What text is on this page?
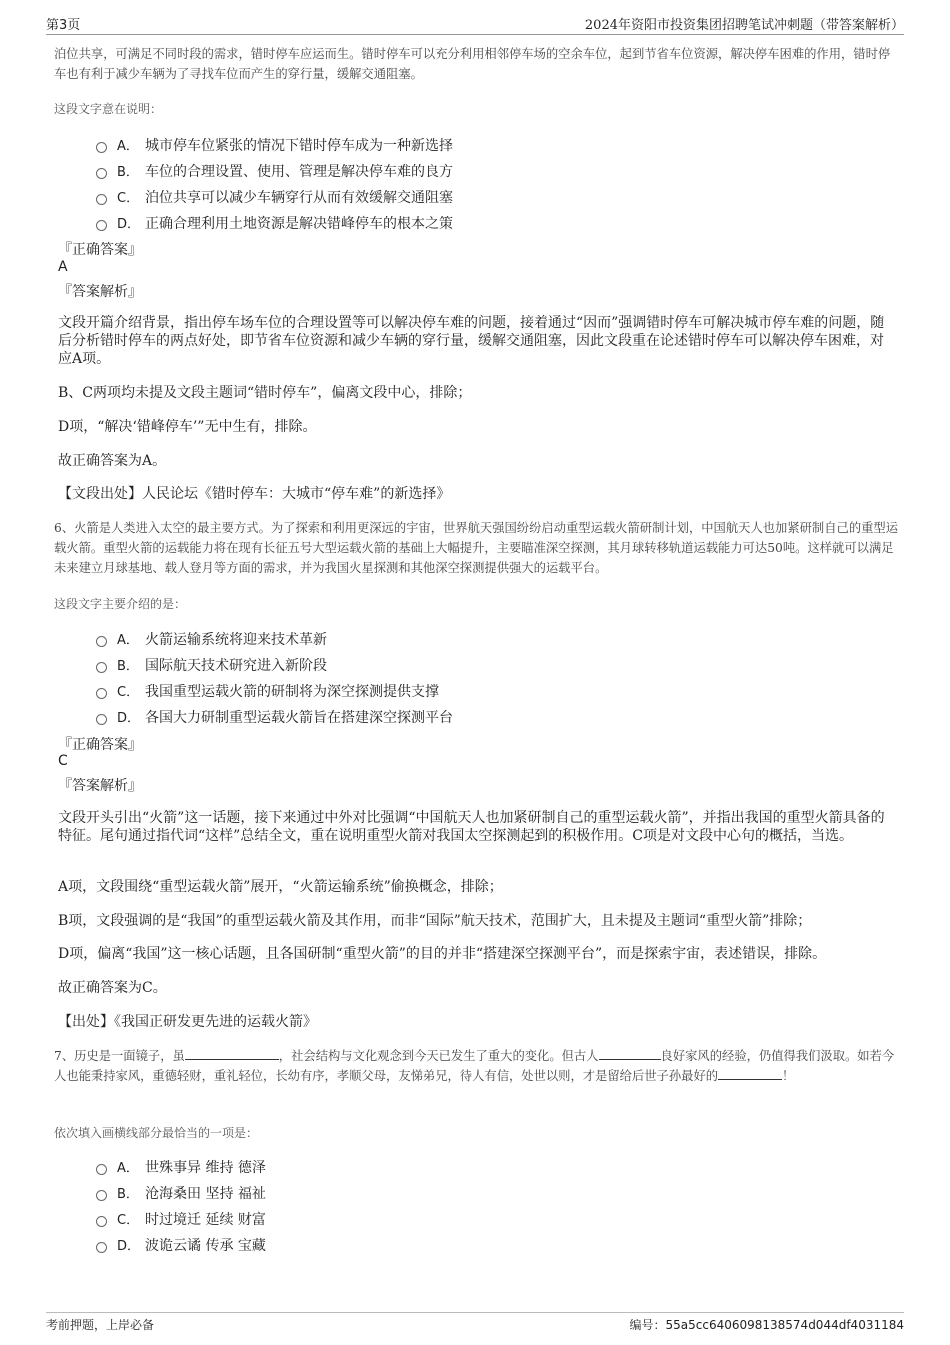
第3页	2024年资阳市投资集团招聘笔试冲刺题（带答案解析）
泊位共享，可满足不同时段的需求，错时停车应运而生。错时停车可以充分利用相邻停车场的空余车位，起到节省车位资源，解决停车困难的作用，错时停车也有利于减少车辆为了寻找车位而产生的穿行量，缓解交通阻塞。
这段文字意在说明：
A． 城市停车位紧张的情况下错时停车成为一种新选择
B． 车位的合理设置、使用、管理是解决停车难的良方
C． 泊位共享可以减少车辆穿行从而有效缓解交通阻塞
D． 正确合理利用土地资源是解决错峰停车的根本之策
『正确答案』
A
『答案解析』
文段开篇介绍背景，指出停车场车位的合理设置等可以解决停车难的问题，接着通过“因而”强调错时停车可解决城市停车难的问题，随后分析错时停车的两点好处，即节省车位资源和减少车辆的穿行量，缓解交通阻塞，因此文段重在论述错时停车可以解决停车困难，对应A项。
B、C两项均未提及文段主题词“错时停车”，偏离文段中心，排除；
D项，“解决‘错峰停车’”无中生有，排除。
故正确答案为A。
【文段出处】人民论坛《错时停车：大城市“停车难”的新选择》
6、火箭是人类进入太空的最主要方式。为了探索和利用更深远的宇宙，世界航天强国纷纷启动重型运载火箭研制计划，中国航天人也加紧研制自己的重型运载火箭。重型火箭的运载能力将在现有长征五号大型运载火箭的基础上大幅提升，主要瞄准深空探测，其月球转移轨道运载能力可达50吨。这样就可以满足未来建立月球基地、载人登月等方面的需求，并为我国火星探测和其他深空探测提供强大的运载平台。
这段文字主要介绍的是：
A． 火箭运输系统将迎来技术革新
B． 国际航天技术研究进入新阶段
C． 我国重型运载火箭的研制将为深空探测提供支撑
D． 各国大力研制重型运载火箭旨在搭建深空探测平台
『正确答案』
C
『答案解析』
文段开头引出“火箭”这一话题，接下来通过中外对比强调“中国航天人也加紧研制自己的重型运载火箭”，并指出我国的重型火箭具备的特征。尾句通过指代词“这样”总结全文，重在说明重型火箭对我国太空探测起到的积极作用。C项是对文段中心句的概括，当选。
A项，文段围绕“重型运载火箭”展开，“火箭运输系统”偷换概念，排除；
B项，文段强调的是“我国”的重型运载火箭及其作用，而非“国际”航天技术，范围扩大，且未提及主题词“重型火箭”排除；
D项，偏离“我国”这一核心话题，且各国研制“重型火箭”的目的并非“搭建深空探测平台”，而是探索宇宙，表述错误，排除。
故正确答案为C。
【出处】《我国正研发更先进的运载火箭》
7、历史是一面镜子，虽	，社会结构与文化观念到今天已发生了重大的变化。但古人	良好家风的经验，仍值得我们汲取。如若今人也能秉持家风，重德轻财，重礼轻位，长幼有序，孝顺父母，友悌弟兄，待人有信，处世以则，才是留给后世子孙最好的	！
依次填入画横线部分最恰当的一项是：
A． 世殊事异 维持 德泽
B． 沧海桑田 坚持 福祉
C． 时过境迁 延续 财富
D． 波诡云谲 传承 宝藏
考前押题，上岸必备	编号：55a5cc6406098138574d044df4031184
